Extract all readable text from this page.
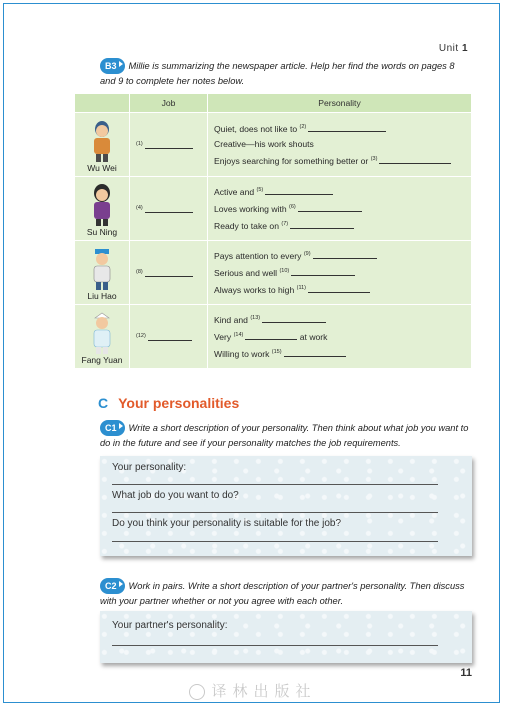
Unit 1
B3 Millie is summarizing the newspaper article. Help her find the words on pages 8 and 9 to complete her notes below.
	Job	Personality

Wu Wei	$^{(1)}$	Quiet, does not like to $^{(2)}$
Creative—his work shouts
Enjoys searching for something better or $^{(3)}$

Su Ning	$^{(4)}$	Active and $^{(5)}$
Loves working with $^{(6)}$
Ready to take on $^{(7)}$

Liu Hao	$^{(8)}$	Pays attention to every $^{(9)}$
Serious and well $^{(10)}$
Always works to high $^{(11)}$

Fang Yuan	$^{(12)}$	Kind and $^{(13)}$
Very $^{(14)}$ at work
Willing to work $^{(15)}$
C Your personalities
C1 Write a short description of your personality. Then think about what job you want to do in the future and see if your personality matches the job requirements.
Your personality:
What job do you want to do?
Do you think your personality is suitable for the job?
C2 Work in pairs. Write a short description of your partner's personality. Then discuss with your partner whether or not you agree with each other.
Your partner's personality:
11
译林出版社
